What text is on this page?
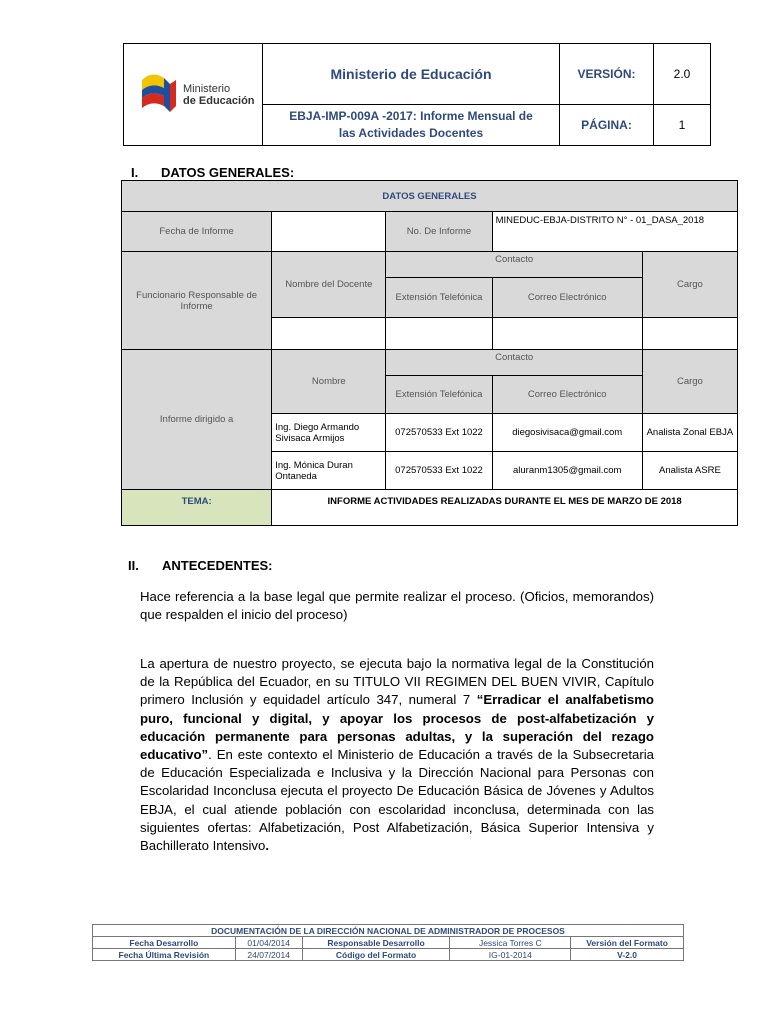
Ministerio
de Educación	Ministerio de Educación	VERSIÓN:	2.0
	EBJA-IMP-009A -2017: Informe Mensual de las Actividades Docentes	PÁGINA:	1
I. DATOS GENERALES:
DATOS GENERALES				
Fecha de Informe		No. De Informe	MINEDUC-EBJA-DISTRITO N° - 01_DASA_2018	
Funcionario Responsable de Informe	Nombre del Docente	Contacto		Cargo
		Extensión Telefónica	Correo Electrónico	

Informe dirigido a	Nombre	Contacto		Cargo
		Extensión Telefónica	Correo Electrónico	
	Ing. Diego Armando Sivisaca Armijos	072570533 Ext 1022	diegosivisaca@gmail.com	Analista Zonal EBJA
	Ing. Mónica Duran Ontaneda	072570533 Ext 1022	aluranm1305@gmail.com	Analista ASRE
TEMA:	INFORME ACTIVIDADES REALIZADAS DURANTE EL MES DE MARZO DE 2018			
II. ANTECEDENTES:
Hace referencia a la base legal que permite realizar el proceso. (Oficios, memorandos) que respalden el inicio del proceso)
La apertura de nuestro proyecto, se ejecuta bajo la normativa legal de la Constitución de la República del Ecuador, en su TITULO VII REGIMEN DEL BUEN VIVIR, Capítulo primero Inclusión y equidadel artículo 347, numeral 7 “Erradicar el analfabetismo puro, funcional y digital, y apoyar los procesos de post-alfabetización y educación permanente para personas adultas, y la superación del rezago educativo”. En este contexto el Ministerio de Educación a través de la Subsecretaria de Educación Especializada e Inclusiva y la Dirección Nacional para Personas con Escolaridad Inconclusa ejecuta el proyecto De Educación Básica de Jóvenes y Adultos EBJA, el cual atiende población con escolaridad inconclusa, determinada con las siguientes ofertas: Alfabetización, Post Alfabetización, Básica Superior Intensiva y Bachillerato Intensivo.
DOCUMENTACIÓN DE LA DIRECCIÓN NACIONAL DE ADMINISTRADOR DE PROCESOS				
Fecha Desarrollo	01/04/2014	Responsable Desarrollo	Jessica Torres C	Versión del Formato
Fecha Última Revisión	24/07/2014	Código del Formato	IG-01-2014	V-2.0
